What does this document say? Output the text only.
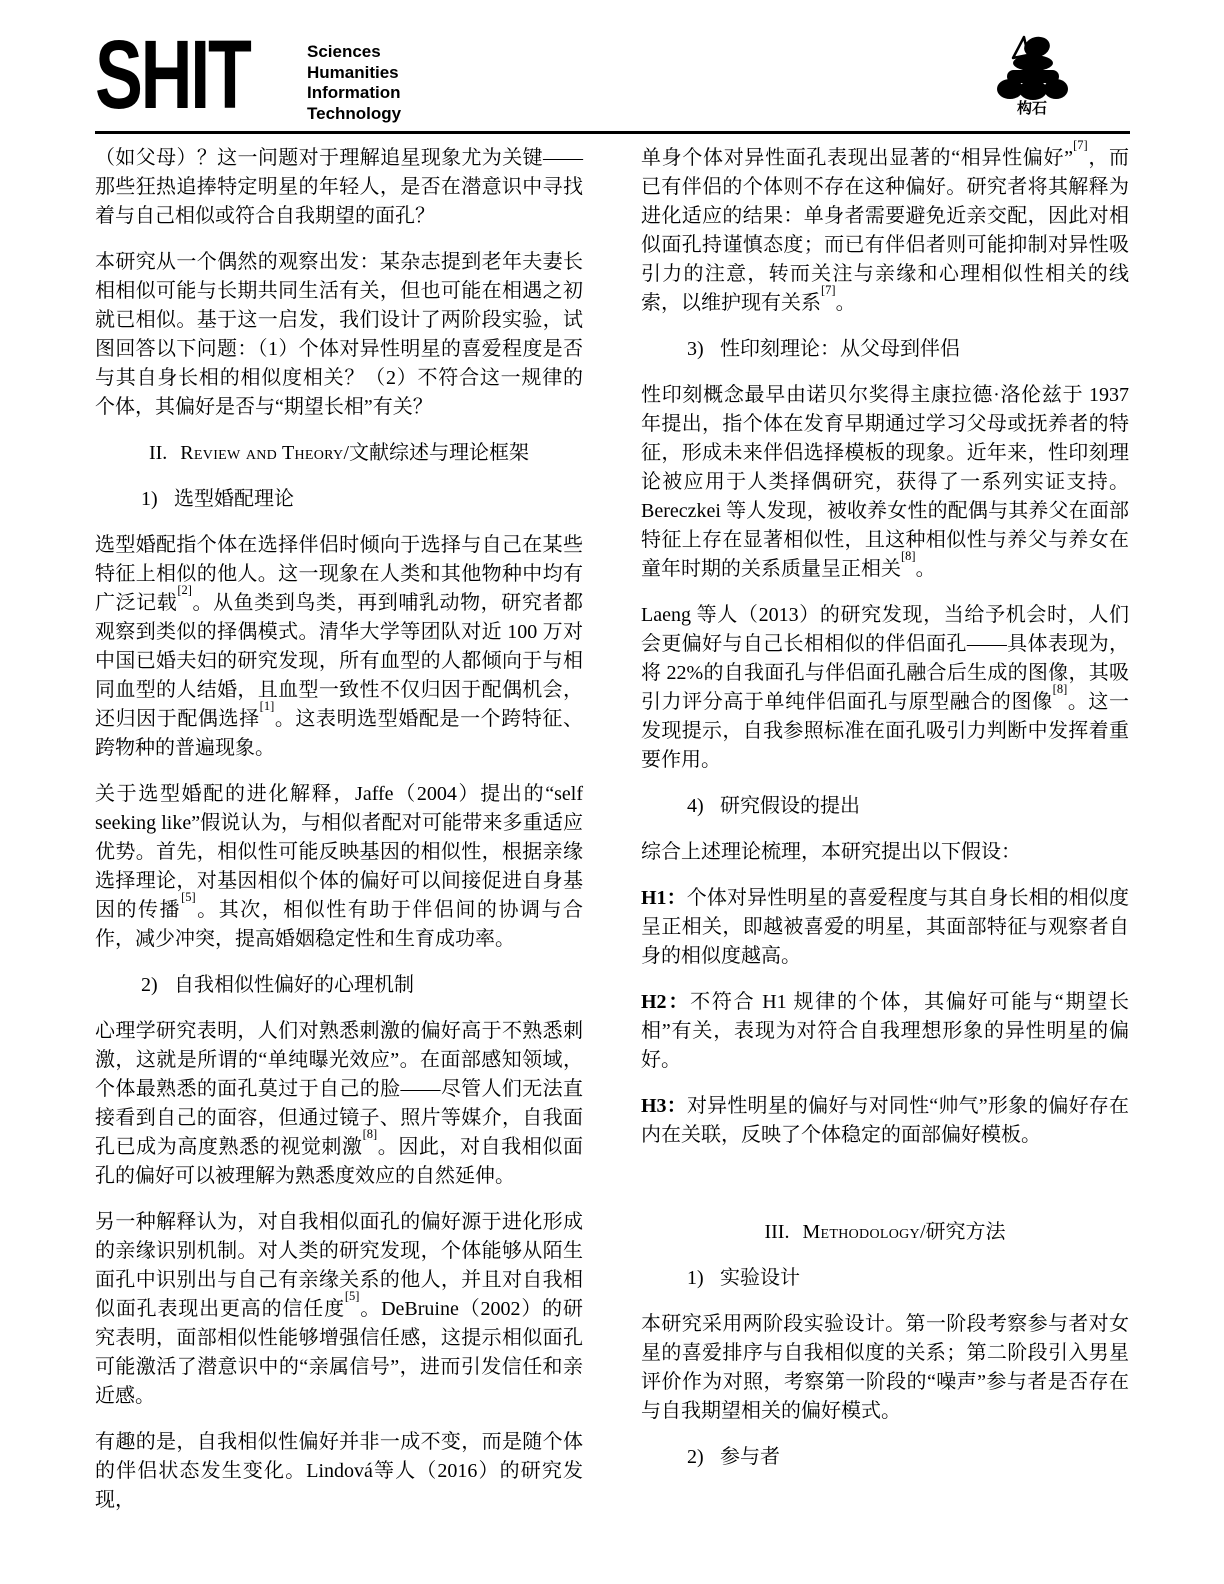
SHIT	Sciences
Humanities
Information
Technology	构石

（如父母）？这一问题对于理解追星现象尤为关键——那些狂热追捧特定明星的年轻人，是否在潜意识中寻找着与自己相似或符合自我期望的面孔？

本研究从一个偶然的观察出发：某杂志提到老年夫妻长相相似可能与长期共同生活有关，但也可能在相遇之初就已相似。基于这一启发，我们设计了两阶段实验，试图回答以下问题：（1）个体对异性明星的喜爱程度是否与其自身长相的相似度相关？（2）不符合这一规律的个体，其偏好是否与“期望长相”有关？

II. Review and Theory/文献综述与理论框架
1) 选型婚配理论

选型婚配指个体在选择伴侣时倾向于选择与自己在某些特征上相似的他人。这一现象在人类和其他物种中均有广泛记载[2]。从鱼类到鸟类，再到哺乳动物，研究者都观察到类似的择偶模式。清华大学等团队对近 100 万对中国已婚夫妇的研究发现，所有血型的人都倾向于与相同血型的人结婚，且血型一致性不仅归因于配偶机会，还归因于配偶选择[1]。这表明选型婚配是一个跨特征、跨物种的普遍现象。

关于选型婚配的进化解释，Jaffe（2004）提出的“self seeking like”假说认为，与相似者配对可能带来多重适应优势。首先，相似性可能反映基因的相似性，根据亲缘选择理论，对基因相似个体的偏好可以间接促进自身基因的传播[5]。其次，相似性有助于伴侣间的协调与合作，减少冲突，提高婚姻稳定性和生育成功率。

2) 自我相似性偏好的心理机制

心理学研究表明，人们对熟悉刺激的偏好高于不熟悉刺激，这就是所谓的“单纯曝光效应”。在面部感知领域，个体最熟悉的面孔莫过于自己的脸——尽管人们无法直接看到自己的面容，但通过镜子、照片等媒介，自我面孔已成为高度熟悉的视觉刺激[8]。因此，对自我相似面孔的偏好可以被理解为熟悉度效应的自然延伸。

另一种解释认为，对自我相似面孔的偏好源于进化形成的亲缘识别机制。对人类的研究发现，个体能够从陌生面孔中识别出与自己有亲缘关系的他人，并且对自我相似面孔表现出更高的信任度[5]。DeBruine（2002）的研究表明，面部相似性能够增强信任感，这提示相似面孔可能激活了潜意识中的“亲属信号”，进而引发信任和亲近感。

有趣的是，自我相似性偏好并非一成不变，而是随个体的伴侣状态发生变化。Lindová等人（2016）的研究发现，

单身个体对异性面孔表现出显著的“相异性偏好”[7]，而已有伴侣的个体则不存在这种偏好。研究者将其解释为进化适应的结果：单身者需要避免近亲交配，因此对相似面孔持谨慎态度；而已有伴侣者则可能抑制对异性吸引力的注意，转而关注与亲缘和心理相似性相关的线索，以维护现有关系[7]。

3) 性印刻理论：从父母到伴侣

性印刻概念最早由诺贝尔奖得主康拉德·洛伦兹于 1937 年提出，指个体在发育早期通过学习父母或抚养者的特征，形成未来伴侣选择模板的现象。近年来，性印刻理论被应用于人类择偶研究，获得了一系列实证支持。Bereczkei 等人发现，被收养女性的配偶与其养父在面部特征上存在显著相似性，且这种相似性与养父与养女在童年时期的关系质量呈正相关[8]。

Laeng 等人（2013）的研究发现，当给予机会时，人们会更偏好与自己长相相似的伴侣面孔——具体表现为，将 22%的自我面孔与伴侣面孔融合后生成的图像，其吸引力评分高于单纯伴侣面孔与原型融合的图像[8]。这一发现提示，自我参照标准在面孔吸引力判断中发挥着重要作用。

4) 研究假设的提出

综合上述理论梳理，本研究提出以下假设：

H1：个体对异性明星的喜爱程度与其自身长相的相似度呈正相关，即越被喜爱的明星，其面部特征与观察者自身的相似度越高。

H2：不符合 H1 规律的个体，其偏好可能与“期望长相”有关，表现为对符合自我理想形象的异性明星的偏好。

H3：对异性明星的偏好与对同性“帅气”形象的偏好存在内在关联，反映了个体稳定的面部偏好模板。

III. Methodology/研究方法
1) 实验设计

本研究采用两阶段实验设计。第一阶段考察参与者对女星的喜爱排序与自我相似度的关系；第二阶段引入男星评价作为对照，考察第一阶段的“噪声”参与者是否存在与自我期望相关的偏好模式。

2) 参与者
